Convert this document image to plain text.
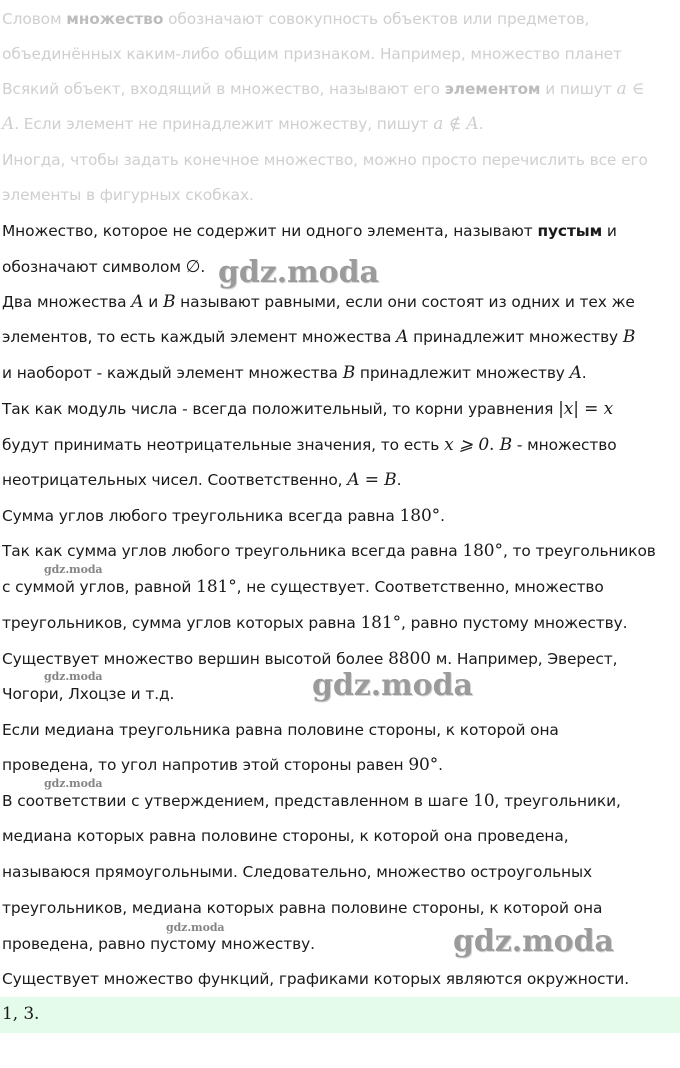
Словом множество обозначают совокупность объектов или предметов,
объединённых каким-либо общим признаком. Например, множество планет
Всякий объект, входящий в множество, называют его элементом и пишут a ∈
A. Если элемент не принадлежит множеству, пишут a ∉ A.
Иногда, чтобы задать конечное множество, можно просто перечислить все его
элементы в фигурных скобках.
Множество, которое не содержит ни одного элемента, называют пустым и
обозначают символом ∅.
Два множества A и B называют равными, если они состоят из одних и тех же
элементов, то есть каждый элемент множества A принадлежит множеству B
и наоборот - каждый элемент множества B принадлежит множеству A.
Так как модуль числа - всегда положительный, то корни уравнения |x| = x
будут принимать неотрицательные значения, то есть x ⩾ 0. B - множество
неотрицательных чисел. Соответственно, A = B.
Сумма углов любого треугольника всегда равна 180°.
Так как сумма углов любого треугольника всегда равна 180°, то треугольников
с суммой углов, равной 181°, не существует. Соответственно, множество
треугольников, сумма углов которых равна 181°, равно пустому множеству.
Существует множество вершин высотой более 8800 м. Например, Эверест,
Чогори, Лхоцзе и т.д.
Если медиана треугольника равна половине стороны, к которой она
проведена, то угол напротив этой стороны равен 90°.
В соответствии с утверждением, представленном в шаге 10, треугольники,
медиана которых равна половине стороны, к которой она проведена,
называюся прямоугольными. Следовательно, множество остроугольных
треугольников, медиана которых равна половине стороны, к которой она
проведена, равно пустому множеству.
Существует множество функций, графиками которых являются окружности.
1, 3.
gdz.moda
gdz.moda
gdz.moda
gdz.moda
gdz.moda
gdz.moda
gdz.moda
